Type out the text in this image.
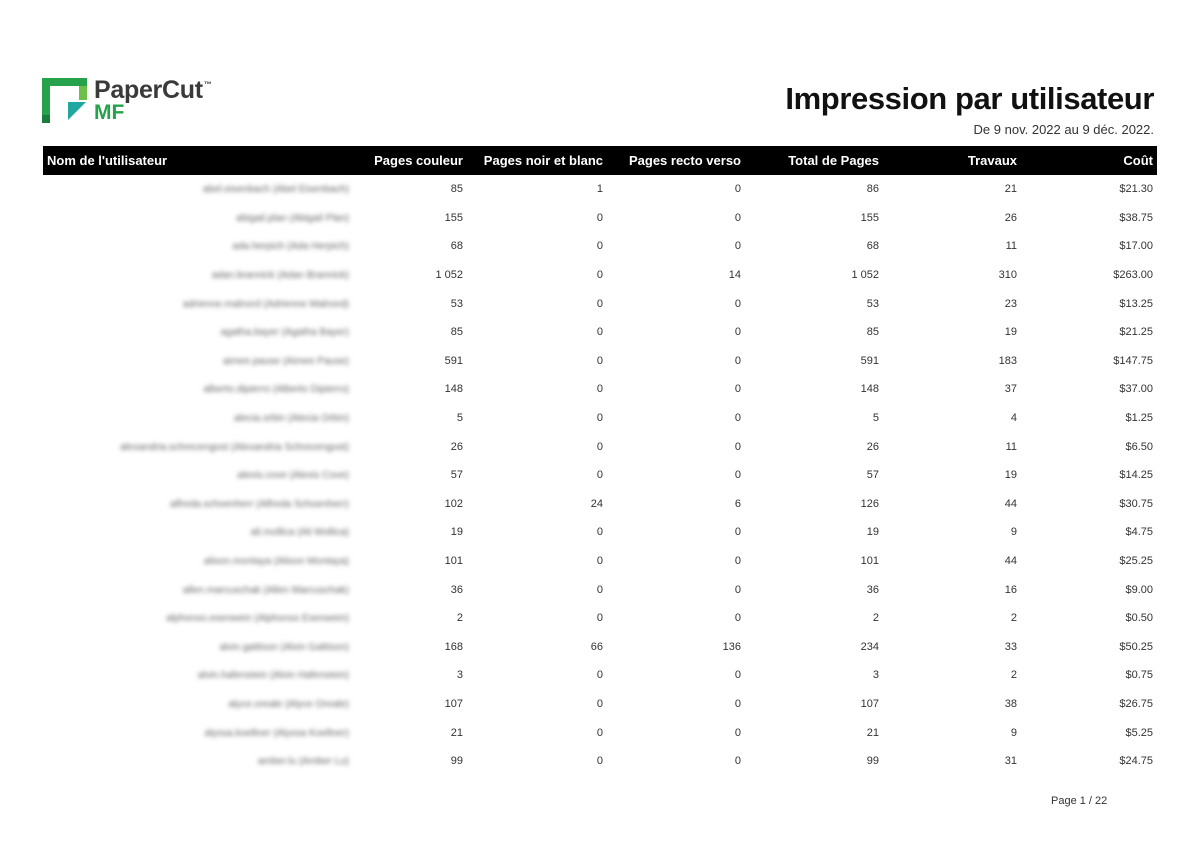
PaperCut™
MF	Impression par utilisateur
De 9 nov. 2022 au 9 déc. 2022.
Nom de l'utilisateur	Pages couleur	Pages noir et blanc	Pages recto verso	Total de Pages	Travaux	Coût
abel.eisenbach (Abel Eisenbach)	85	1	0	86	21	$21.30
abigail.plan (Abigail Plan)	155	0	0	155	26	$38.75
ada.herpich (Ada Herpich)	68	0	0	68	11	$17.00
adan.brannick (Adan Brannick)	1 052	0	14	1 052	310	$263.00
adrienne.malnord (Adrienne Malnord)	53	0	0	53	23	$13.25
agatha.bayer (Agatha Bayer)	85	0	0	85	19	$21.25
aimee.pause (Aimee Pause)	591	0	0	591	183	$147.75
alberto.dipierro (Alberto Dipierro)	148	0	0	148	37	$37.00
alecia.orbin (Alecia Orbin)	5	0	0	5	4	$1.25
alexandria.schrecengost (Alexandria Schrecengost)	26	0	0	26	11	$6.50
alexis.cove (Alexis Cove)	57	0	0	57	19	$14.25
alfreda.schoenherr (Alfreda Schoenherr)	102	24	6	126	44	$30.75
ali.mollica (Ali Mollica)	19	0	0	19	9	$4.75
alison.montaya (Alison Montaya)	101	0	0	101	44	$25.25
allen.marcuschak (Allen Marcuschak)	36	0	0	36	16	$9.00
alphonso.esenwein (Alphonso Esenwein)	2	0	0	2	2	$0.50
alvin.gattison (Alvin Gattison)	168	66	136	234	33	$50.25
alvin.hafenstein (Alvin Hafenstein)	3	0	0	3	2	$0.75
alyce.oreale (Alyce Oreale)	107	0	0	107	38	$26.75
alyssa.koellner (Alyssa Koellner)	21	0	0	21	9	$5.25
amber.lu (Amber Lu)	99	0	0	99	31	$24.75
Page 1 / 22
